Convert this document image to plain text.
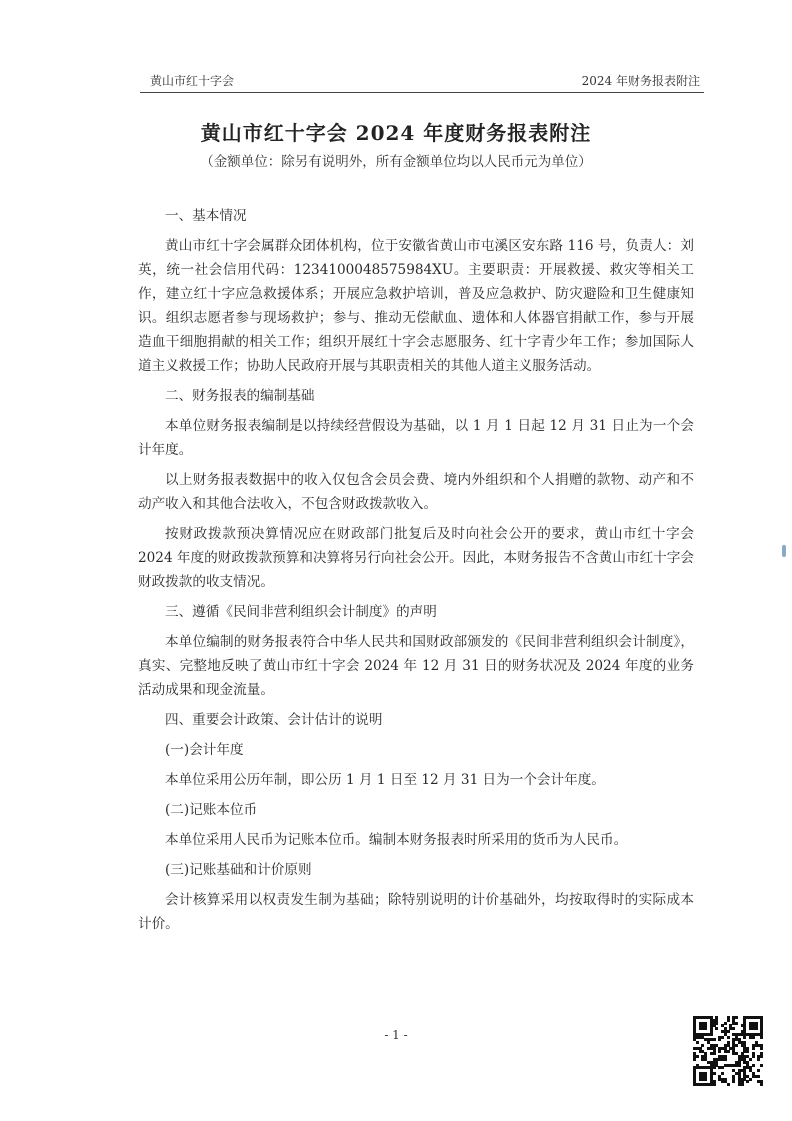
黄山市红十字会	2024 年财务报表附注
黄山市红十字会 2024 年度财务报表附注
（金额单位：除另有说明外，所有金额单位均以人民币元为单位）
一、基本情况
黄山市红十字会属群众团体机构，位于安徽省黄山市屯溪区安东路 116 号，负责人：刘英，统一社会信用代码：1234100048575984XU。主要职责：开展救援、救灾等相关工作，建立红十字应急救援体系；开展应急救护培训，普及应急救护、防灾避险和卫生健康知识。组织志愿者参与现场救护；参与、推动无偿献血、遗体和人体器官捐献工作，参与开展造血干细胞捐献的相关工作；组织开展红十字会志愿服务、红十字青少年工作；参加国际人道主义救援工作；协助人民政府开展与其职责相关的其他人道主义服务活动。
二、财务报表的编制基础
本单位财务报表编制是以持续经营假设为基础，以 1 月 1 日起 12 月 31 日止为一个会计年度。
以上财务报表数据中的收入仅包含会员会费、境内外组织和个人捐赠的款物、动产和不动产收入和其他合法收入，不包含财政拨款收入。
按财政拨款预决算情况应在财政部门批复后及时向社会公开的要求，黄山市红十字会 2024 年度的财政拨款预算和决算将另行向社会公开。因此，本财务报告不含黄山市红十字会财政拨款的收支情况。
三、遵循《民间非营利组织会计制度》的声明
本单位编制的财务报表符合中华人民共和国财政部颁发的《民间非营利组织会计制度》，真实、完整地反映了黄山市红十字会 2024 年 12 月 31 日的财务状况及 2024 年度的业务活动成果和现金流量。
四、重要会计政策、会计估计的说明
(一)会计年度
本单位采用公历年制，即公历 1 月 1 日至 12 月 31 日为一个会计年度。
(二)记账本位币
本单位采用人民币为记账本位币。编制本财务报表时所采用的货币为人民币。
(三)记账基础和计价原则
会计核算采用以权责发生制为基础；除特别说明的计价基础外，均按取得时的实际成本计价。
- 1 -
